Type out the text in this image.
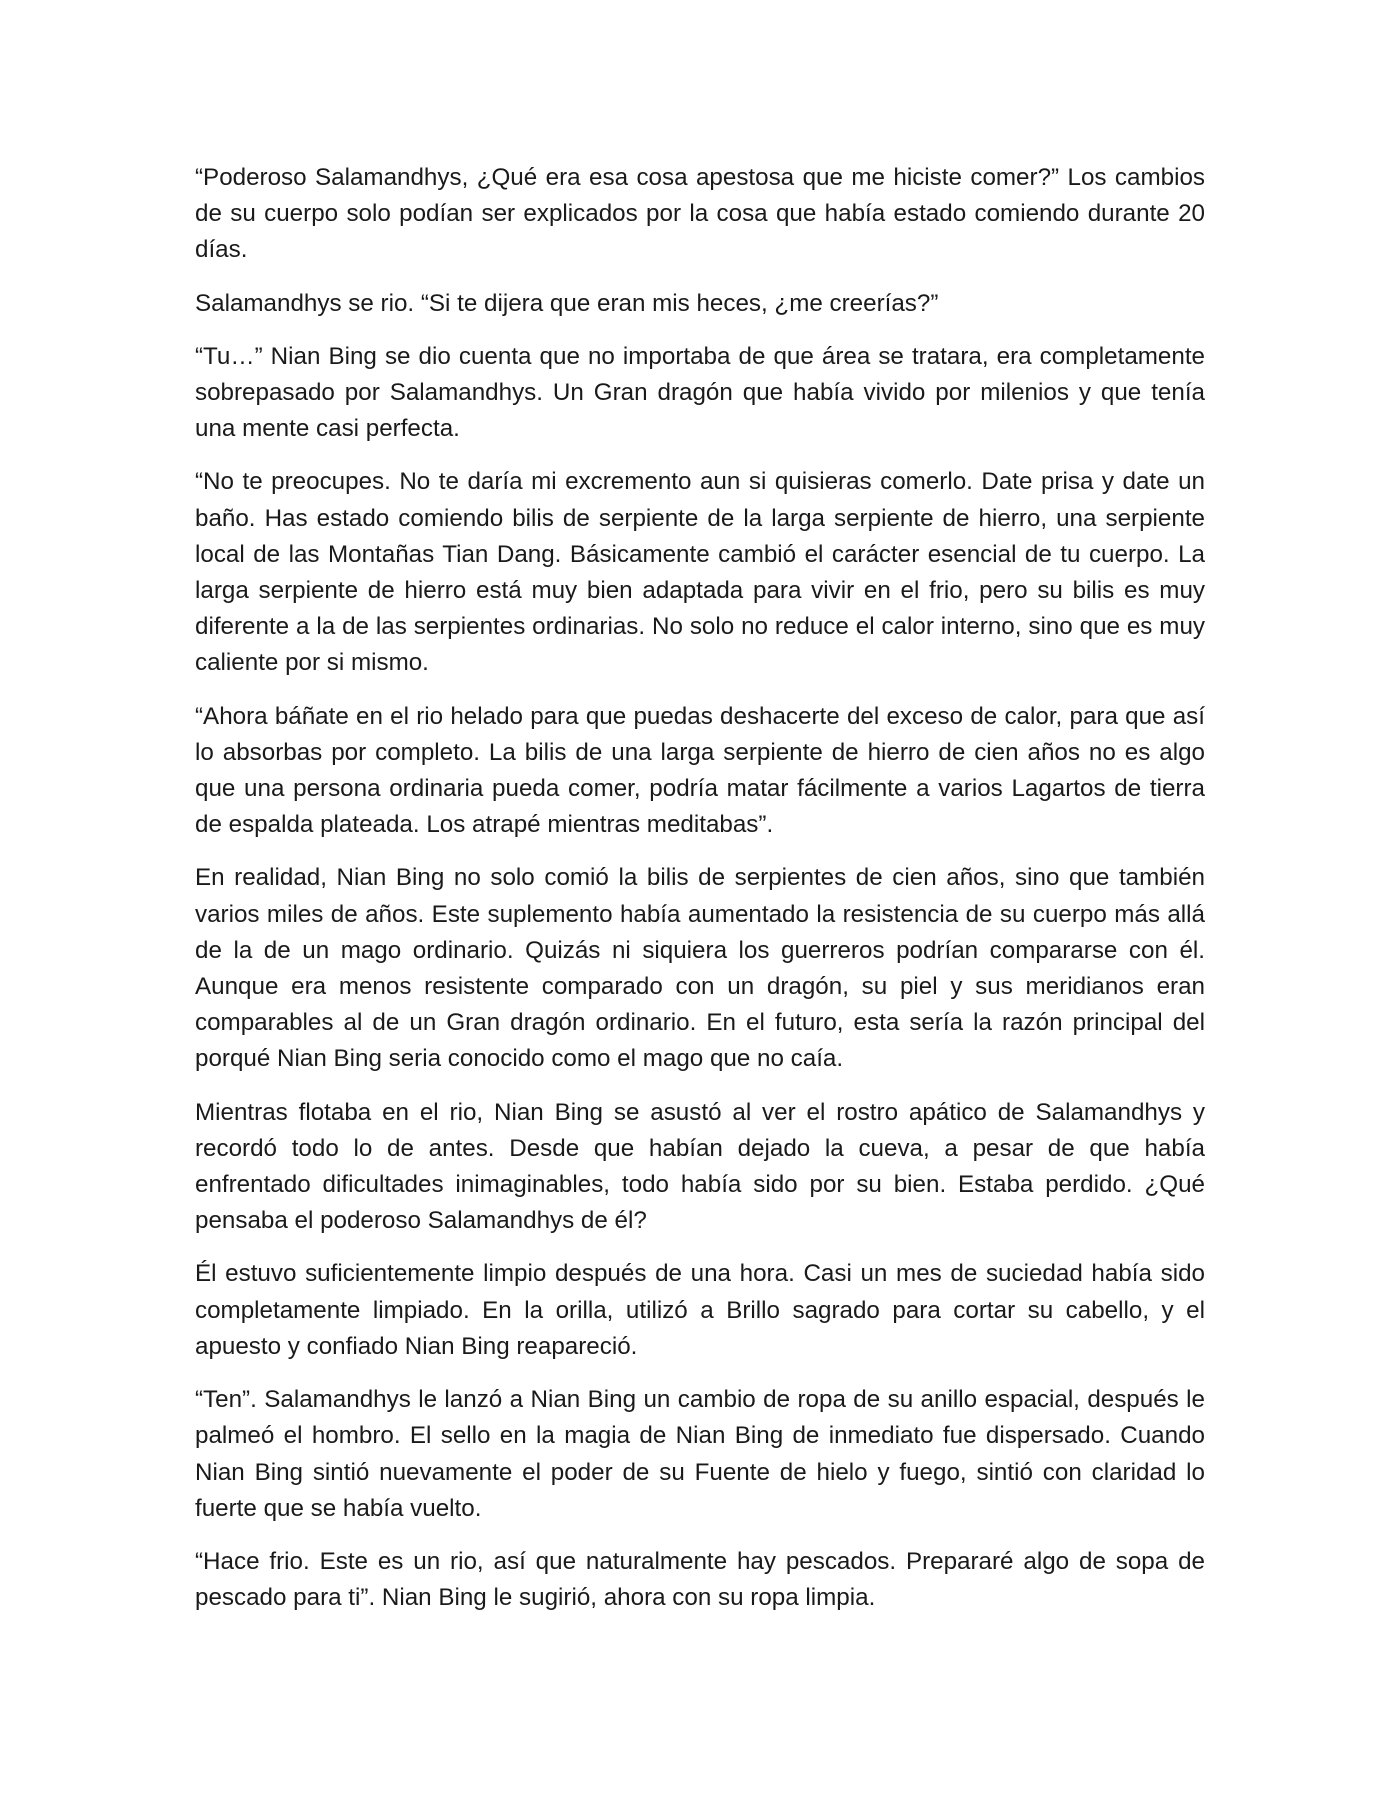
“Poderoso Salamandhys, ¿Qué era esa cosa apestosa que me hiciste comer?” Los cambios de su cuerpo solo podían ser explicados por la cosa que había estado comiendo durante 20 días.

Salamandhys se rio. “Si te dijera que eran mis heces, ¿me creerías?”

“Tu…” Nian Bing se dio cuenta que no importaba de que área se tratara, era completamente sobrepasado por Salamandhys. Un Gran dragón que había vivido por milenios y que tenía una mente casi perfecta.

“No te preocupes. No te daría mi excremento aun si quisieras comerlo. Date prisa y date un baño. Has estado comiendo bilis de serpiente de la larga serpiente de hierro, una serpiente local de las Montañas Tian Dang. Básicamente cambió el carácter esencial de tu cuerpo. La larga serpiente de hierro está muy bien adaptada para vivir en el frio, pero su bilis es muy diferente a la de las serpientes ordinarias. No solo no reduce el calor interno, sino que es muy caliente por si mismo.

“Ahora báñate en el rio helado para que puedas deshacerte del exceso de calor, para que así lo absorbas por completo. La bilis de una larga serpiente de hierro de cien años no es algo que una persona ordinaria pueda comer, podría matar fácilmente a varios Lagartos de tierra de espalda plateada. Los atrapé mientras meditabas”.

En realidad, Nian Bing no solo comió la bilis de serpientes de cien años, sino que también varios miles de años. Este suplemento había aumentado la resistencia de su cuerpo más allá de la de un mago ordinario. Quizás ni siquiera los guerreros podrían compararse con él. Aunque era menos resistente comparado con un dragón, su piel y sus meridianos eran comparables al de un Gran dragón ordinario. En el futuro, esta sería la razón principal del porqué Nian Bing seria conocido como el mago que no caía.

Mientras flotaba en el rio, Nian Bing se asustó al ver el rostro apático de Salamandhys y recordó todo lo de antes. Desde que habían dejado la cueva, a pesar de que había enfrentado dificultades inimaginables, todo había sido por su bien. Estaba perdido. ¿Qué pensaba el poderoso Salamandhys de él?

Él estuvo suficientemente limpio después de una hora. Casi un mes de suciedad había sido completamente limpiado. En la orilla, utilizó a Brillo sagrado para cortar su cabello, y el apuesto y confiado Nian Bing reapareció.

“Ten”. Salamandhys le lanzó a Nian Bing un cambio de ropa de su anillo espacial, después le palmeó el hombro. El sello en la magia de Nian Bing de inmediato fue dispersado. Cuando Nian Bing sintió nuevamente el poder de su Fuente de hielo y fuego, sintió con claridad lo fuerte que se había vuelto.

“Hace frio. Este es un rio, así que naturalmente hay pescados. Prepararé algo de sopa de pescado para ti”. Nian Bing le sugirió, ahora con su ropa limpia.
